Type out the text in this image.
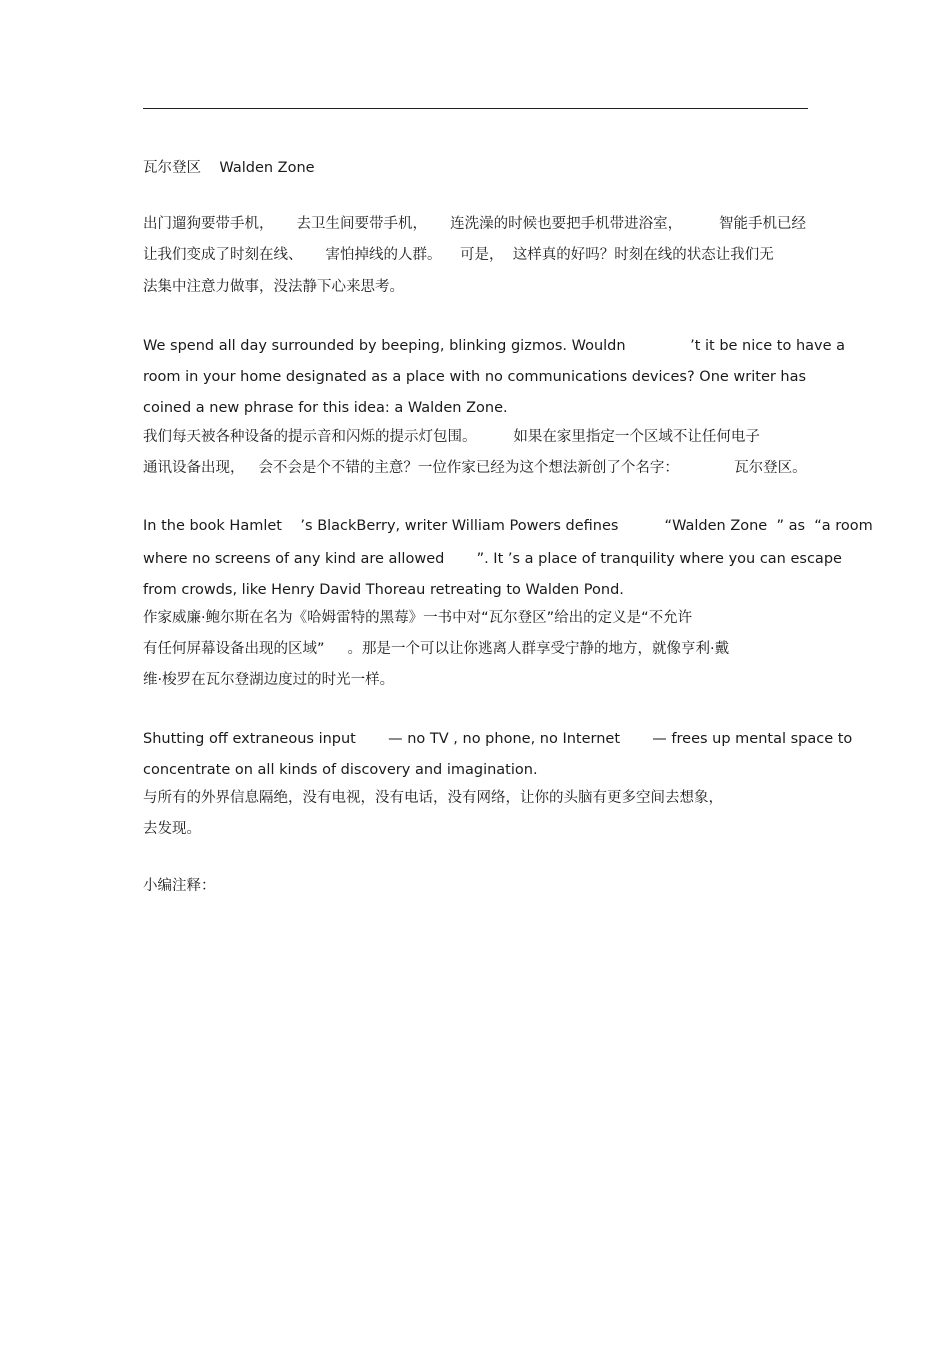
瓦尔登区    Walden Zone
出门遛狗要带手机，     去卫生间要带手机，     连洗澡的时候也要把手机带进浴室，        智能手机已经
让我们变成了时刻在线、     害怕掉线的人群。    可是，  这样真的好吗？时刻在线的状态让我们无
法集中注意力做事，没法静下心来思考。
We spend all day surrounded by beeping, blinking gizmos. Wouldn              ’t it be nice to have a
room in your home designated as a place with no communications devices? One writer has
coined a new phrase for this idea: a Walden Zone.
我们每天被各种设备的提示音和闪烁的提示灯包围。        如果在家里指定一个区域不让任何电子
通讯设备出现，   会不会是个不错的主意？一位作家已经为这个想法新创了个名字：            瓦尔登区。
In the book Hamlet    ’s BlackBerry, writer William Powers defines          “Walden Zone  ” as  “a room
where no screens of any kind are allowed       ”. It ’s a place of tranquility where you can escape
from crowds, like Henry David Thoreau retreating to Walden Pond.
作家威廉·鲍尔斯在名为《哈姆雷特的黑莓》一书中对“瓦尔登区”给出的定义是“不允许
有任何屏幕设备出现的区域”     。那是一个可以让你逃离人群享受宁静的地方，就像亨利·戴
维·梭罗在瓦尔登湖边度过的时光一样。
Shutting off extraneous input       — no TV , no phone, no Internet       — frees up mental space to
concentrate on all kinds of discovery and imagination.
与所有的外界信息隔绝，没有电视，没有电话，没有网络，让你的头脑有更多空间去想象，
去发现。
小编注释：
